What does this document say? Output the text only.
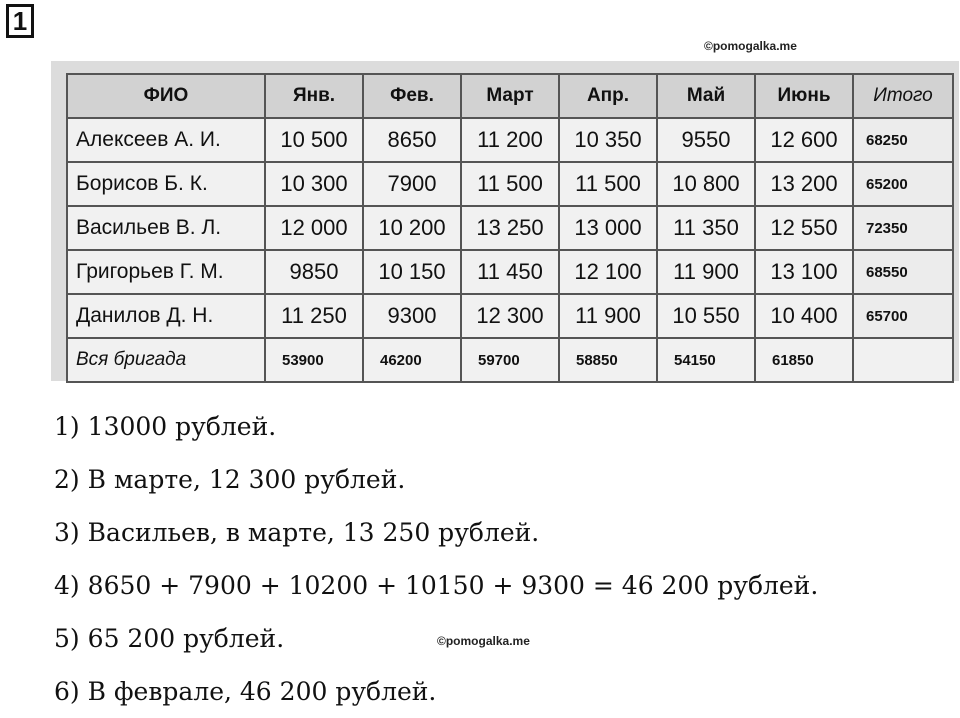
1
©pomogalka.me
ФИО	Янв.	Фев.	Март	Апр.	Май	Июнь	Итого
Алексеев А. И.	10 500	8650	11 200	10 350	9550	12 600	68250
Борисов Б. К.	10 300	7900	11 500	11 500	10 800	13 200	65200
Васильев В. Л.	12 000	10 200	13 250	13 000	11 350	12 550	72350
Григорьев Г. М.	9850	10 150	11 450	12 100	11 900	13 100	68550
Данилов Д. Н.	11 250	9300	12 300	11 900	10 550	10 400	65700
Вся бригада	53900	46200	59700	58850	54150	61850	
1) 13000 рублей.
2) В марте, 12 300 рублей.
3) Васильев, в марте, 13 250 рублей.
4) 8650 + 7900 + 10200 + 10150 + 9300 = 46 200 рублей.
5) 65 200 рублей.
6) В феврале, 46 200 рублей.
©pomogalka.me
